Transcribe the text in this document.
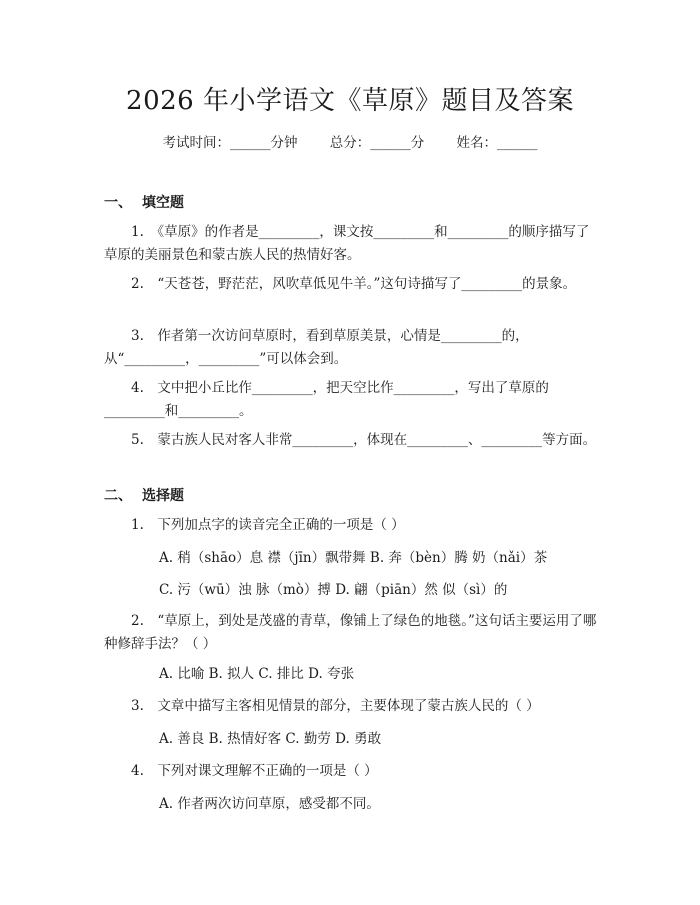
2026 年小学语文《草原》题目及答案
考试时间：______分钟 总分：______分 姓名：______
一、 填空题
1.　《草原》的作者是_________，课文按_________和_________的顺序描写了草原的美丽景色和蒙古族人民的热情好客。
2.　“天苍苍，野茫茫，风吹草低见牛羊。”这句诗描写了_________的景象。
3.　作者第一次访问草原时，看到草原美景，心情是_________的，从“_________，_________”可以体会到。
4.　文中把小丘比作_________，把天空比作_________，写出了草原的_________和_________。
5.　蒙古族人民对客人非常_________，体现在_________、_________等方面。
二、 选择题
1.　下列加点字的读音完全正确的一项是（ ）
A. 稍（shāo）息 襟（jīn）飘带舞 B. 奔（bèn）腾 奶（nǎi）茶
C. 污（wū）浊 脉（mò）搏 D. 翩（piān）然 似（sì）的
2.　“草原上，到处是茂盛的青草，像铺上了绿色的地毯。”这句话主要运用了哪种修辞手法？（ ）
A. 比喻 B. 拟人 C. 排比 D. 夸张
3.　文章中描写主客相见情景的部分，主要体现了蒙古族人民的（ ）
A. 善良 B. 热情好客 C. 勤劳 D. 勇敢
4.　下列对课文理解不正确的一项是（ ）
A. 作者两次访问草原，感受都不同。
